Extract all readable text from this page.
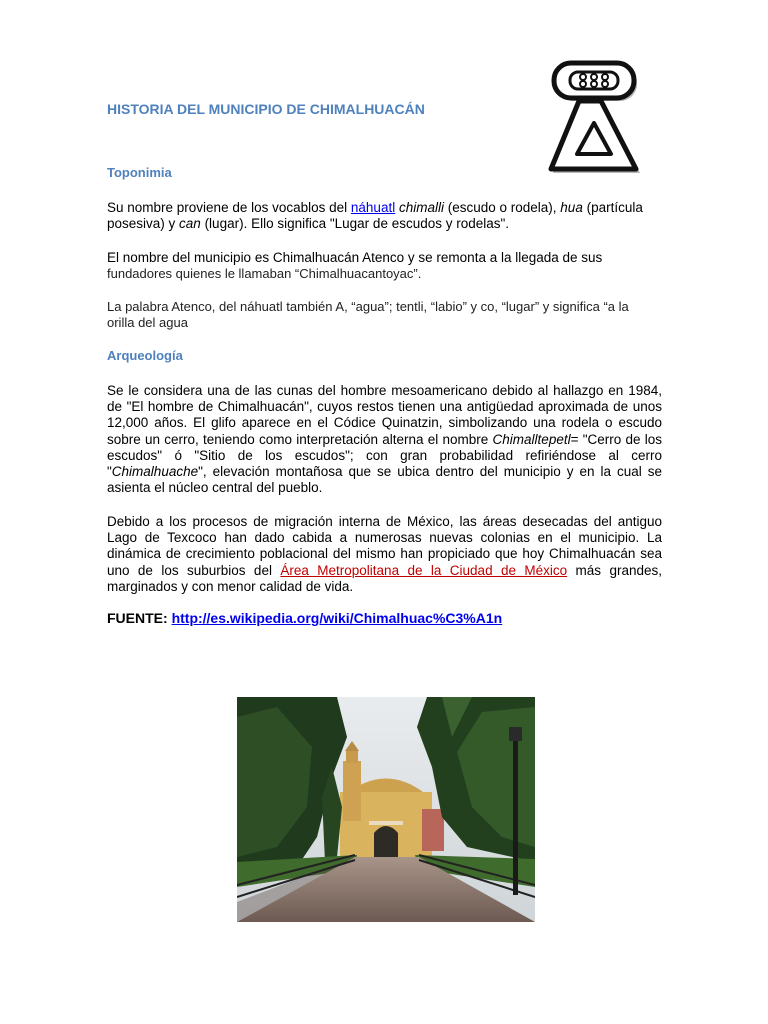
HISTORIA DEL MUNICIPIO DE CHIMALHUACÁN
Toponimia

Su nombre proviene de los vocablos del náhuatl chimalli (escudo o rodela), hua (partícula posesiva) y can (lugar). Ello significa "Lugar de escudos y rodelas".

El nombre del municipio es Chimalhuacán Atenco y se remonta a la llegada de sus

fundadores quienes le llamaban “Chimalhuacantoyac”.

La palabra Atenco, del náhuatl también A, “agua”; tentli, “labio” y co, “lugar” y significa “a la orilla del agua

Arqueología

Se le considera una de las cunas del hombre mesoamericano debido al hallazgo en 1984, de "El hombre de Chimalhuacán", cuyos restos tienen una antigüedad aproximada de unos 12,000 años. El glifo aparece en el Códice Quinatzin, simbolizando una rodela o escudo sobre un cerro, teniendo como interpretación alterna el nombre Chimalltepetl= "Cerro de los escudos" ó "Sitio de los escudos"; con gran probabilidad refiriéndose al cerro "Chimalhuache", elevación montañosa que se ubica dentro del municipio y en la cual se asienta el núcleo central del pueblo.

Debido a los procesos de migración interna de México, las áreas desecadas del antiguo Lago de Texcoco han dado cabida a numerosas nuevas colonias en el municipio. La dinámica de crecimiento poblacional del mismo han propiciado que hoy Chimalhuacán sea uno de los suburbios del Área Metropolitana de la Ciudad de México más grandes, marginados y con menor calidad de vida.

FUENTE: http://es.wikipedia.org/wiki/Chimalhuac%C3%A1n
